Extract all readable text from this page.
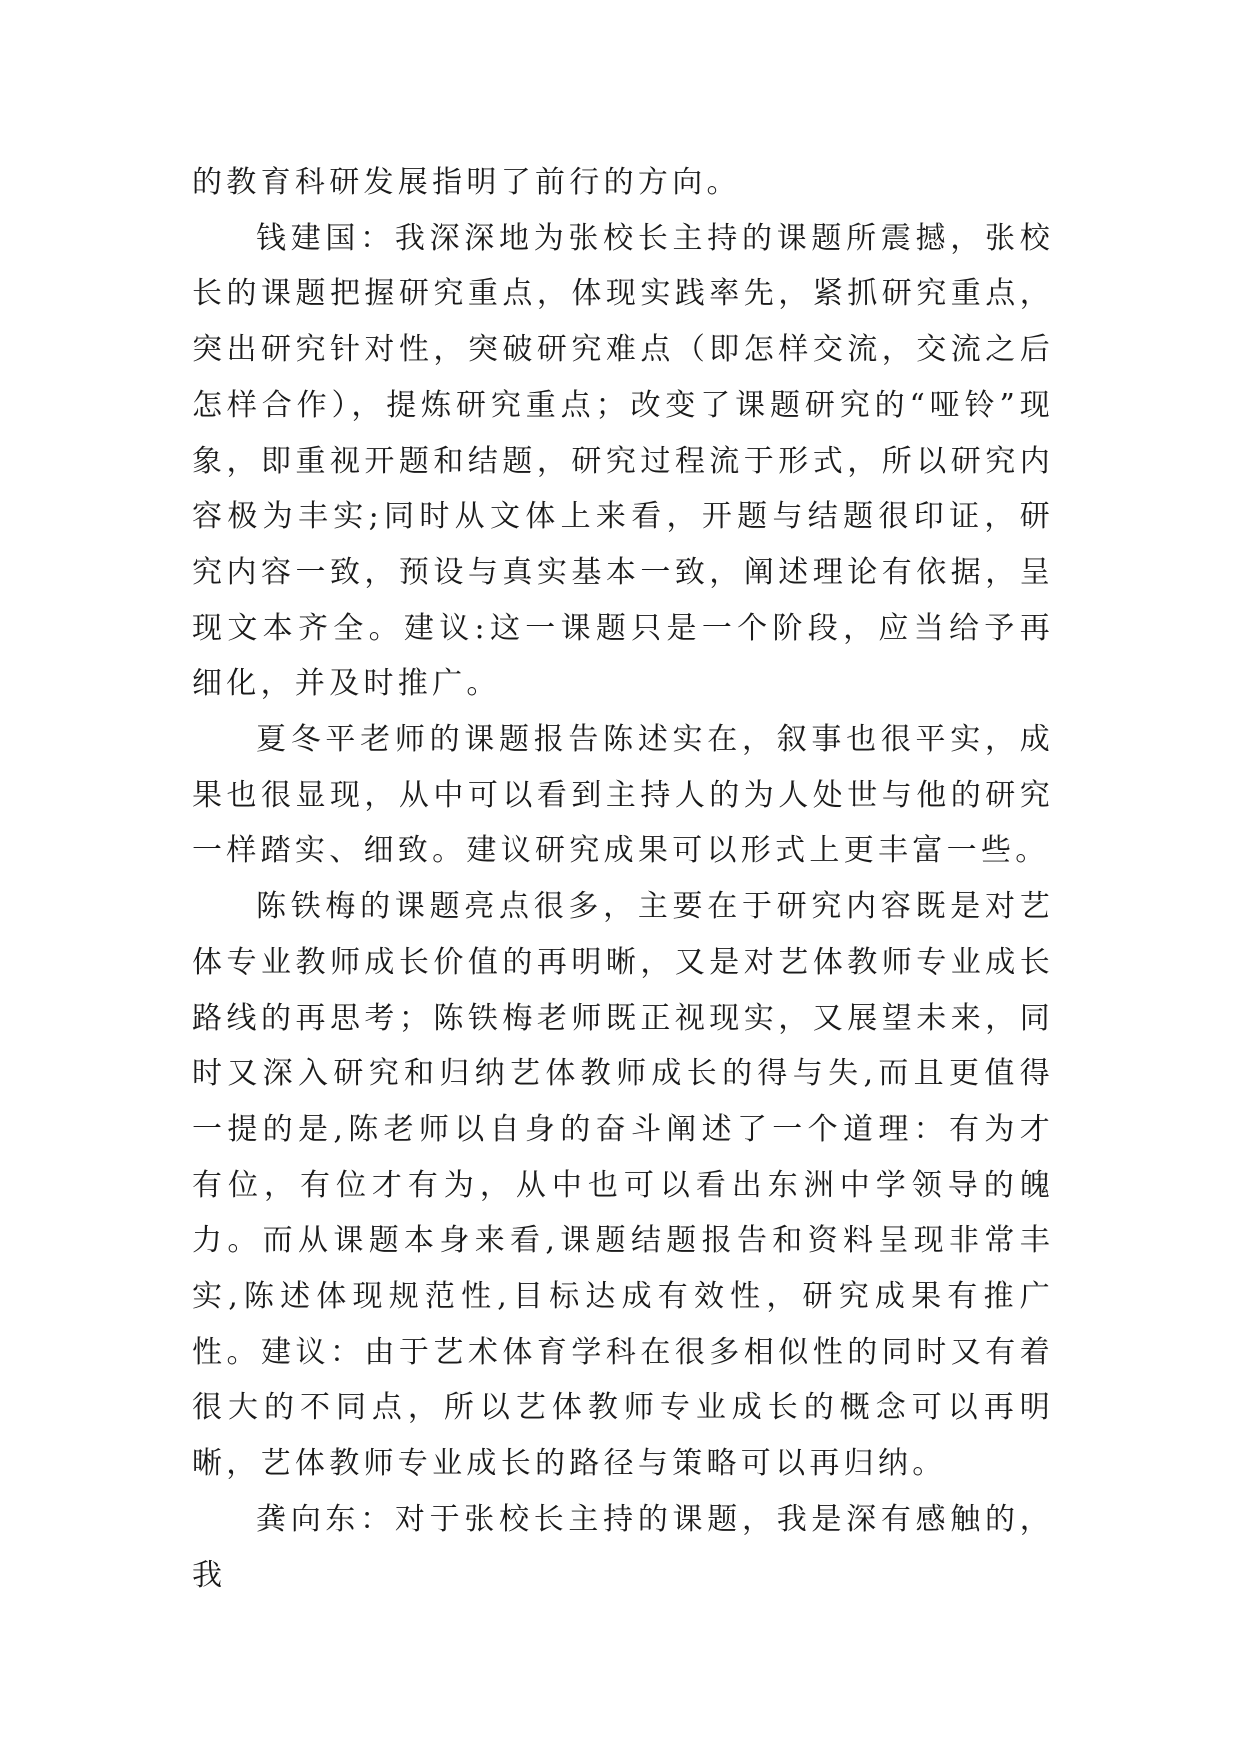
的教育科研发展指明了前行的方向。

钱建国：我深深地为张校长主持的课题所震撼，张校长的课题把握研究重点，体现实践率先，紧抓研究重点，突出研究针对性，突破研究难点（即怎样交流，交流之后怎样合作），提炼研究重点；改变了课题研究的“哑铃”现象，即重视开题和结题，研究过程流于形式，所以研究内容极为丰实;同时从文体上来看，开题与结题很印证，研究内容一致，预设与真实基本一致，阐述理论有依据，呈现文本齐全。建议:这一课题只是一个阶段，应当给予再细化，并及时推广。

夏冬平老师的课题报告陈述实在，叙事也很平实，成果也很显现，从中可以看到主持人的为人处世与他的研究一样踏实、细致。建议研究成果可以形式上更丰富一些。

陈铁梅的课题亮点很多，主要在于研究内容既是对艺体专业教师成长价值的再明晰，又是对艺体教师专业成长路线的再思考；陈铁梅老师既正视现实，又展望未来，同时又深入研究和归纳艺体教师成长的得与失,而且更值得一提的是,陈老师以自身的奋斗阐述了一个道理：有为才有位，有位才有为，从中也可以看出东洲中学领导的魄力。而从课题本身来看,课题结题报告和资料呈现非常丰实,陈述体现规范性,目标达成有效性，研究成果有推广性。建议：由于艺术体育学科在很多相似性的同时又有着很大的不同点，所以艺体教师专业成长的概念可以再明晰，艺体教师专业成长的路径与策略可以再归纳。

龚向东：对于张校长主持的课题，我是深有感触的，我
